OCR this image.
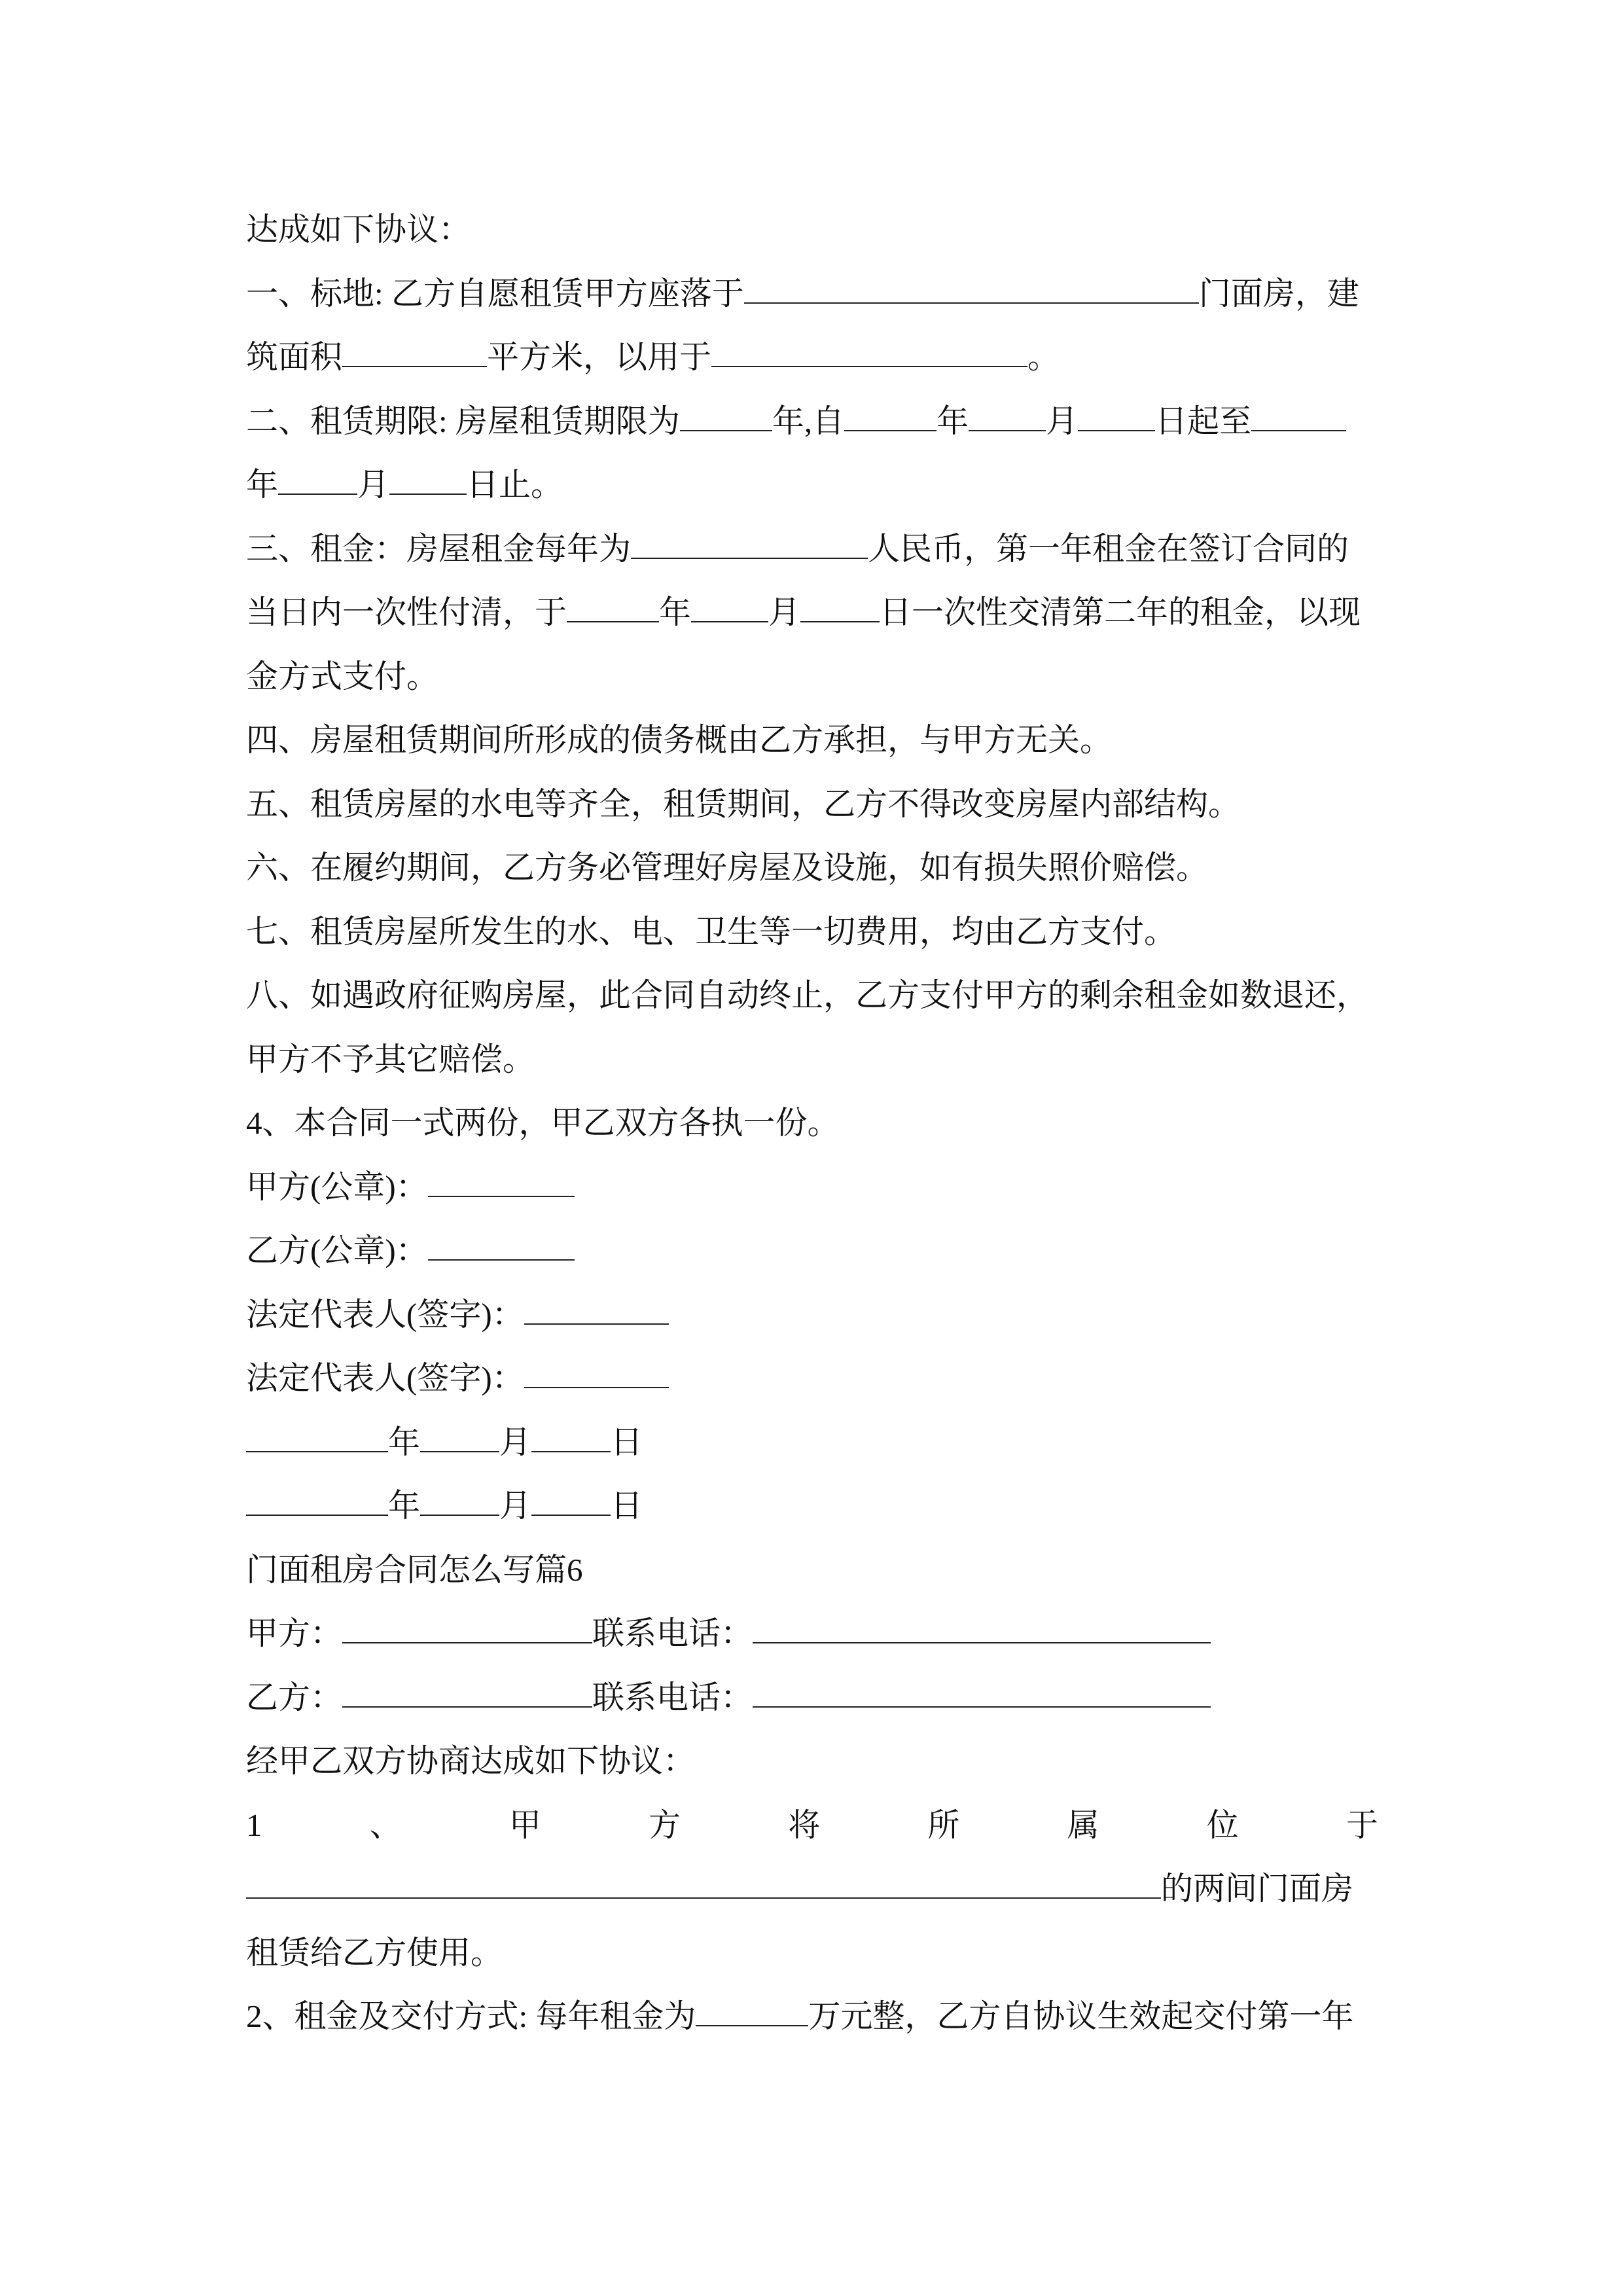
达成如下协议：
一、标地: 乙方自愿租赁甲方座落于	门面房，建
筑面积	平方米，以用于	。
二、租赁期限: 房屋租赁期限为	年,自	年 月 日起至
年 月 日止。
三、租金：房屋租金每年为	人民币，第一年租金在签订合同的
当日内一次性付清，于	年 月 日一次性交清第二年的租金，以现
金方式支付。
四、房屋租赁期间所形成的债务概由乙方承担，与甲方无关。
五、租赁房屋的水电等齐全，租赁期间，乙方不得改变房屋内部结构。
六、在履约期间，乙方务必管理好房屋及设施，如有损失照价赔偿。
七、租赁房屋所发生的水、电、卫生等一切费用，均由乙方支付。
八、如遇政府征购房屋，此合同自动终止，乙方支付甲方的剩余租金如数退还，
甲方不予其它赔偿。
4、本合同一式两份，甲乙双方各执一份。
甲方(公章)：
乙方(公章)：
法定代表人(签字)：
法定代表人(签字)：
年 月 日
年 月 日
门面租房合同怎么写篇6
甲方：	联系电话：
乙方：	联系电话：
经甲乙双方协商达成如下协议：
1	、	甲	方	将	所	属	位	于
的两间门面房
租赁给乙方使用。
2、租金及交付方式: 每年租金为	万元整，乙方自协议生效起交付第一年
